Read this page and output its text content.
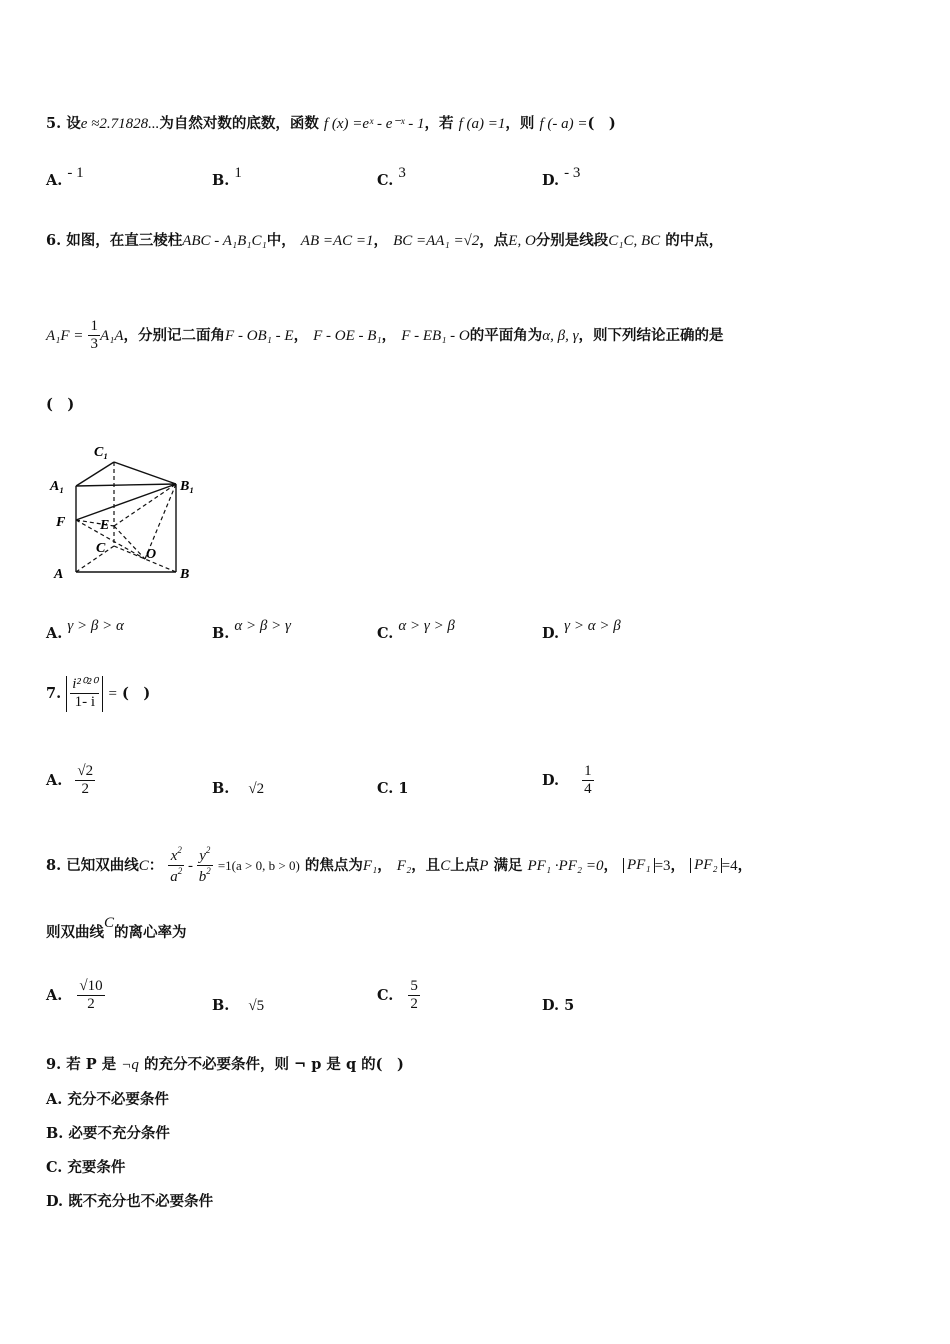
5. 设e ≈2.71828...为自然对数的底数，函数 f (x) =eˣ - e⁻ˣ - 1，若 f (a) =1，则 f (- a) =(　)
A. - 1	B. 1	C. 3	D. - 3
6. 如图，在直三棱柱ABC - A₁B₁C₁中， AB =AC =1， BC =AA₁ =√2，点E, O分别是线段C₁C, BC 的中点，
$A_1F = \frac{1}{3} A_1A$，分别记二面角F - OB₁ - E， F - OE - B₁， F - EB₁ - O的平面角为α, β, γ，则下列结论正确的是
(　)
C₁
A₁	B₁
F E
C	O
A	B
A. γ > β > α	B. α > β > γ	C. α > γ > β	D. γ > α > β
7. $\frac{\text{i²⁰²⁰}}{1- i}$ = (　)
A. $\frac{√2}{2}$	B. √2	C. 1	D. $\frac{1}{4}$
8. 已知双曲线C： $\frac{x^2}{a^2} - \frac{y^2}{b^2} =1(a > 0$, b > 0) 的焦点为F₁， F₂，且C上点P 满足 PF₁ ·PF₂ =0， PF₁ =3， PF₂ =4，
则双曲线C的离心率为
A. $\frac{√10}{2}$	B. √5
C. $\frac{5}{2}$	D. 5
9. 若 P 是 ¬q 的充分不必要条件，则 ¬ p 是 q 的(　)
A. 充分不必要条件
B. 必要不充分条件
C. 充要条件
D. 既不充分也不必要条件
